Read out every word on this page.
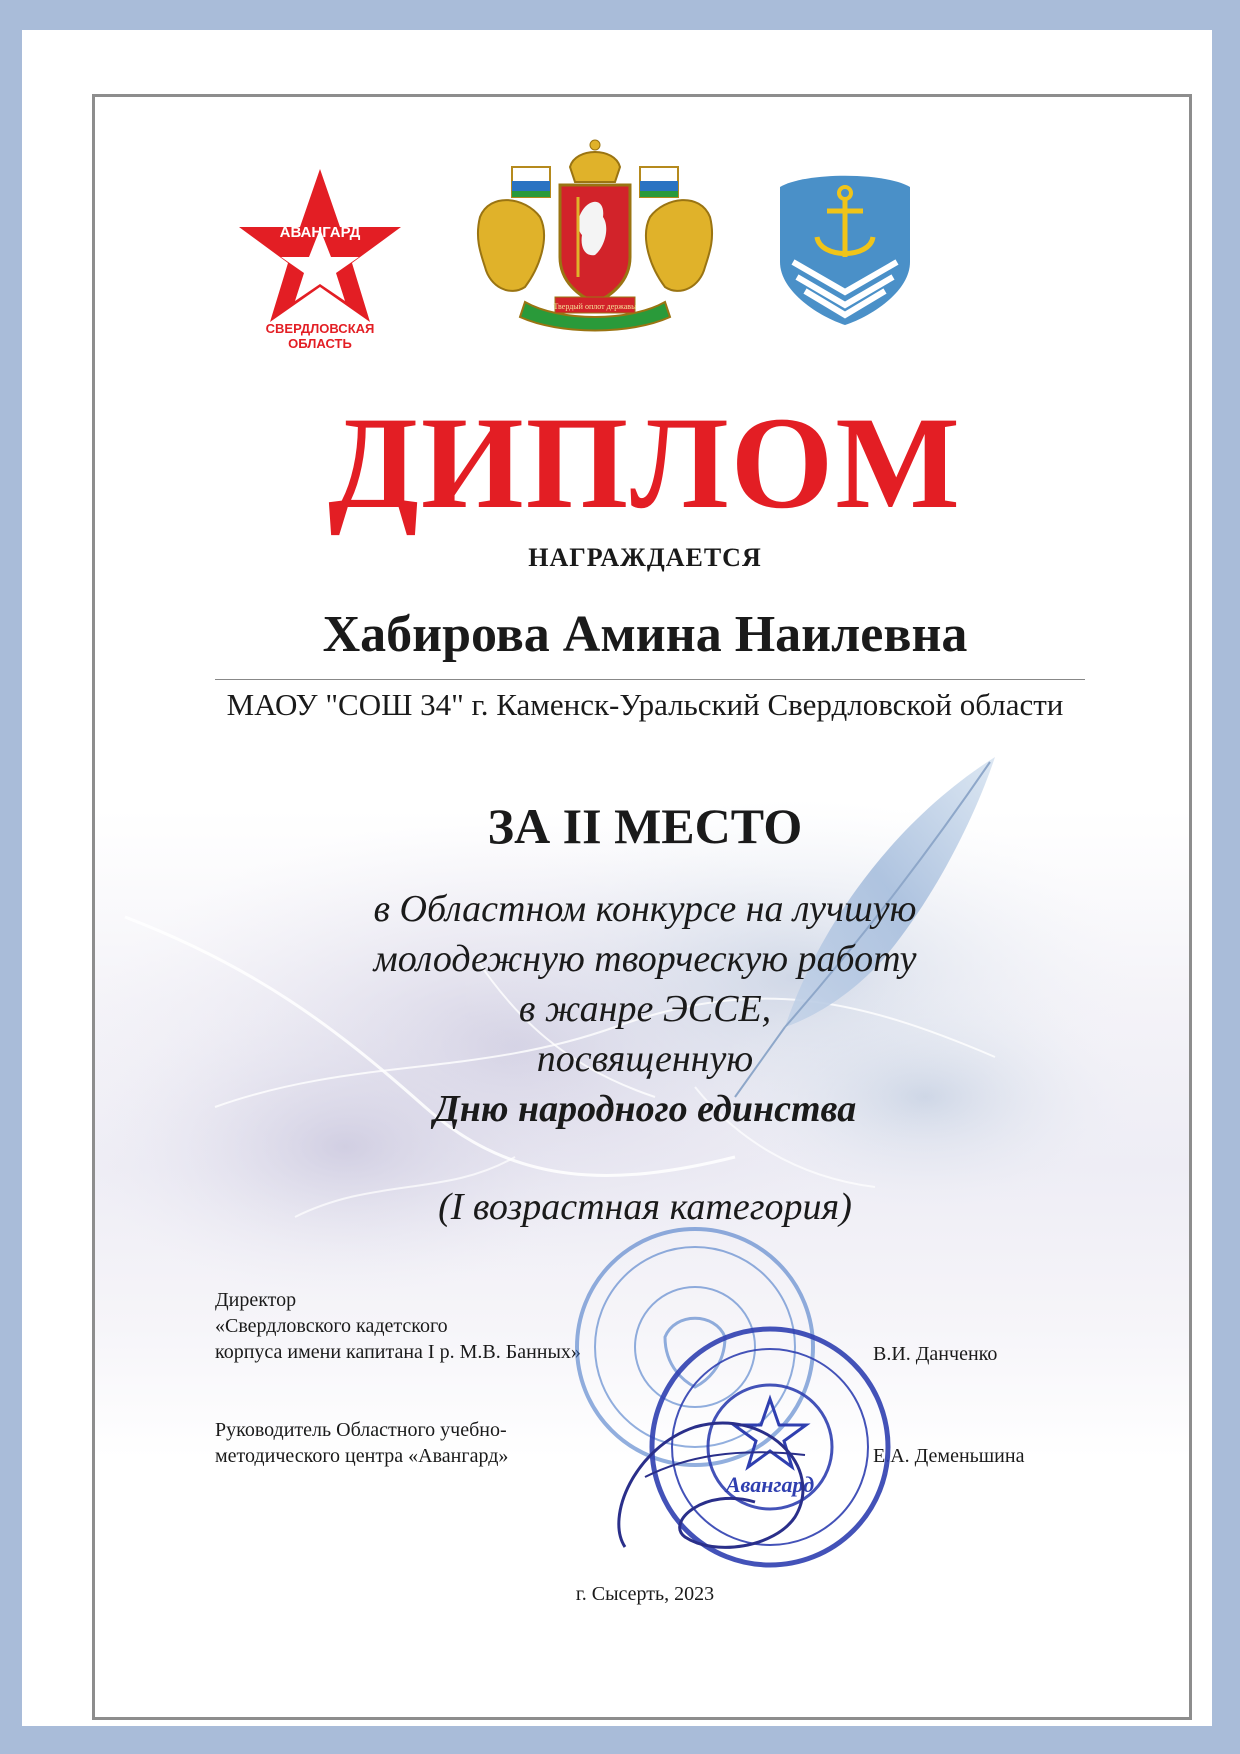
АВАНГАРД
СВЕРДЛОВСКАЯ
ОБЛАСТЬ
Твердый оплот державы
ДИПЛОМ
НАГРАЖДАЕТСЯ
Хабирова Амина Наилевна
МАОУ "СОШ 34" г. Каменск-Уральский Свердловской области
ЗА II МЕСТО
в Областном конкурсе на лучшую
молодежную творческую работу
в жанре ЭССЕ,
посвященную
Дню народного единства
(I возрастная категория)
Директор
«Свердловского кадетского
корпуса имени капитана I р. М.В. Банных»	В.И. Данченко
Руководитель Областного учебно-
методического центра «Авангард»	Е.А. Деменьшина
Авангард
г. Сысерть, 2023
